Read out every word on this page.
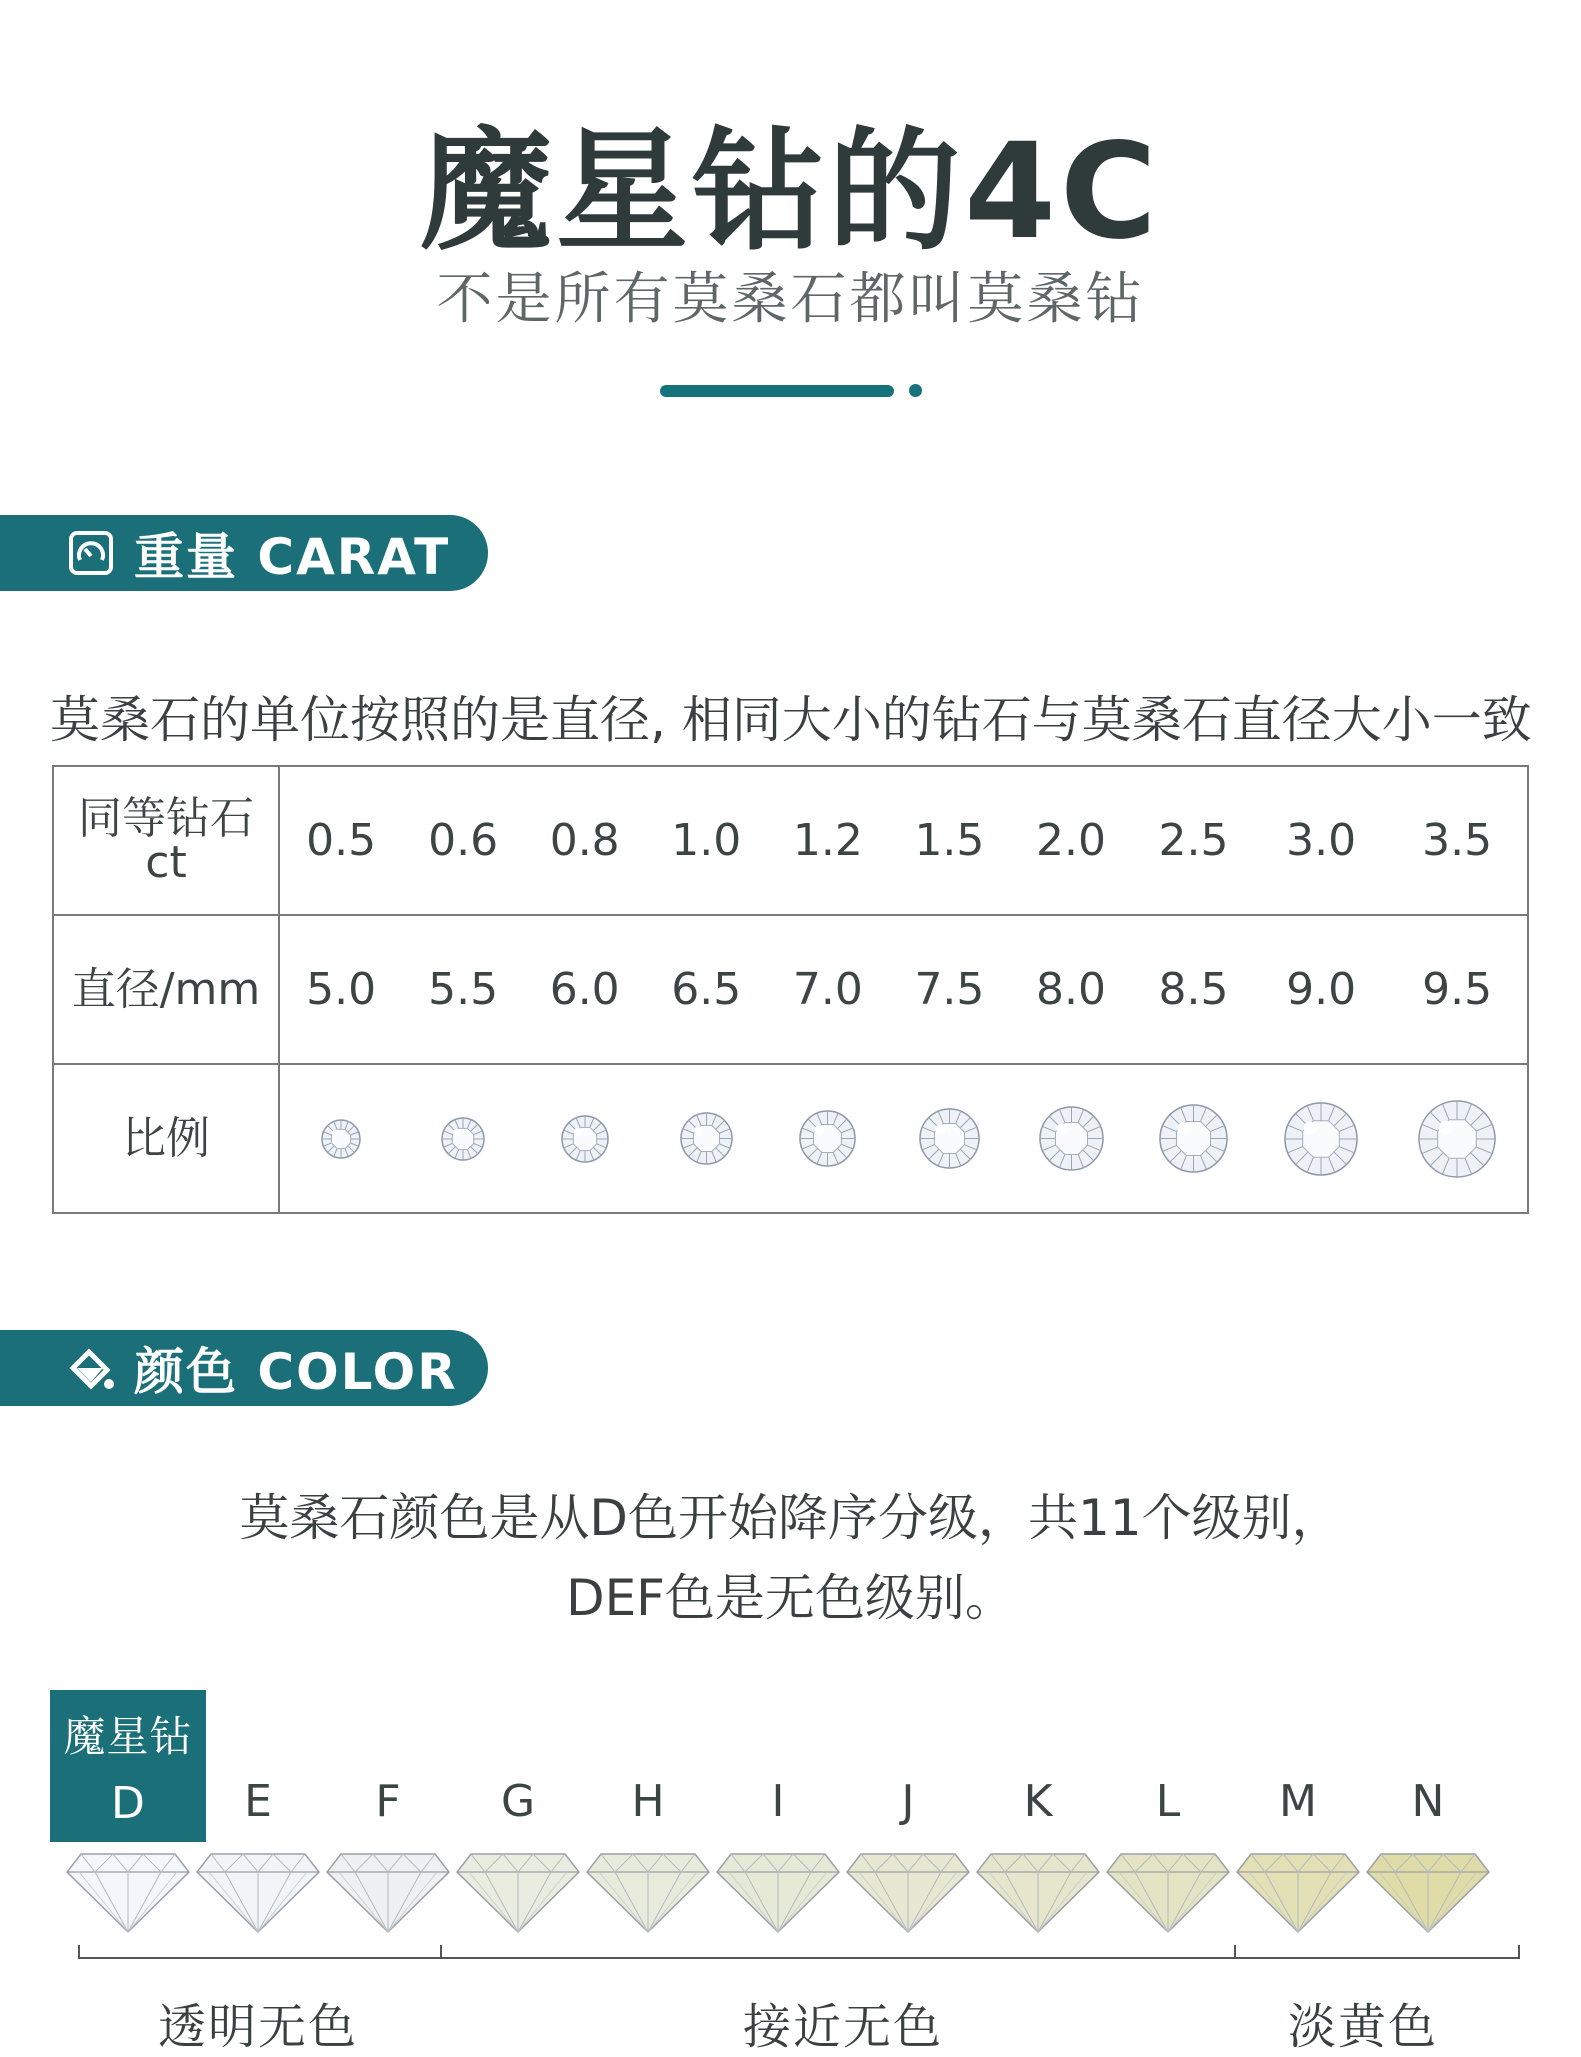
魔星钻的4C
不是所有莫桑石都叫莫桑钻
重量 CARAT
莫桑石的单位按照的是直径, 相同大小的钻石与莫桑石直径大小一致
同等钻石
ct	0.5	0.6	0.8	1.0	1.2	1.5	2.0	2.5	3.0	3.5
直径/mm	5.0	5.5	6.0	6.5	7.0	7.5	8.0	8.5	9.0	9.5
比例	

颜色 COLOR
莫桑石颜色是从D色开始降序分级，共11个级别，
DEF色是无色级别。
魔星钻
D	E	F	G	H	I	J	K	L	M	N
透明无色	接近无色	淡黄色
